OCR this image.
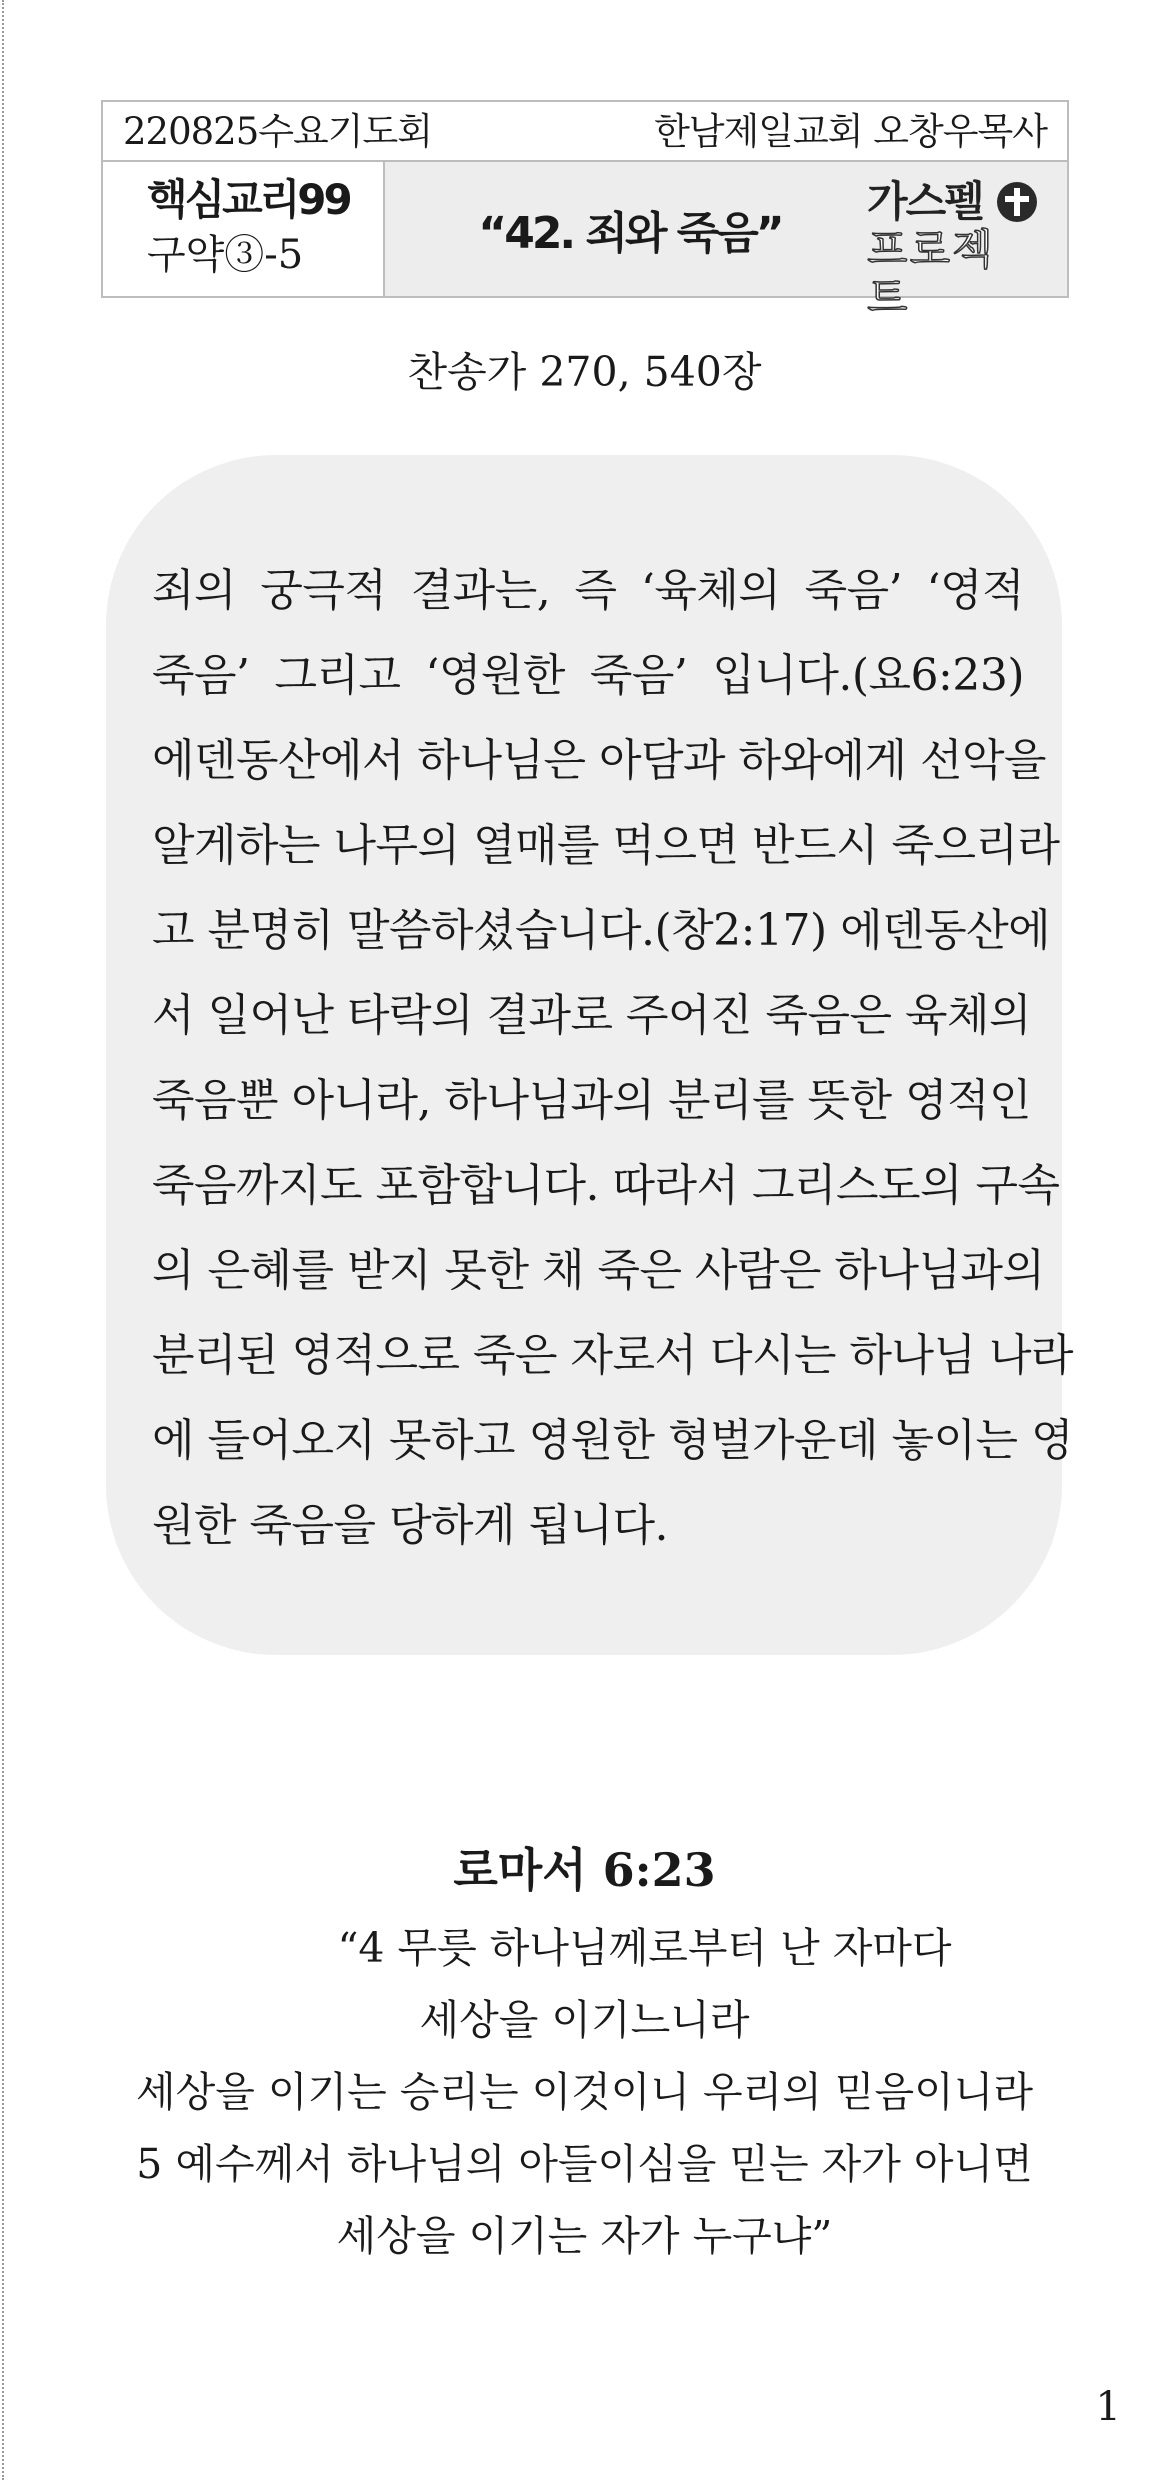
220825수요기도회	한남제일교회 오창우목사
핵심교리99
구약③-5	“42. 죄와 죽음”
가스펠
프로젝트
찬송가 270, 540장
죄의 궁극적 결과는, 즉 ‘육체의 죽음’ ‘영적
죽음’ 그리고 ‘영원한 죽음’ 입니다.(요6:23)
에덴동산에서 하나님은 아담과 하와에게 선악을
알게하는 나무의 열매를 먹으면 반드시 죽으리라
고 분명히 말씀하셨습니다.(창2:17) 에덴동산에
서 일어난 타락의 결과로 주어진 죽음은 육체의
죽음뿐 아니라, 하나님과의 분리를 뜻한 영적인
죽음까지도 포함합니다. 따라서 그리스도의 구속
의 은혜를 받지 못한 채 죽은 사람은 하나님과의
분리된 영적으로 죽은 자로서 다시는 하나님 나라
에 들어오지 못하고 영원한 형벌가운데 놓이는 영
원한 죽음을 당하게 됩니다.
로마서 6:23
“4 무릇 하나님께로부터 난 자마다
세상을 이기느니라
세상을 이기는 승리는 이것이니 우리의 믿음이니라
5 예수께서 하나님의 아들이심을 믿는 자가 아니면
세상을 이기는 자가 누구냐”
1
